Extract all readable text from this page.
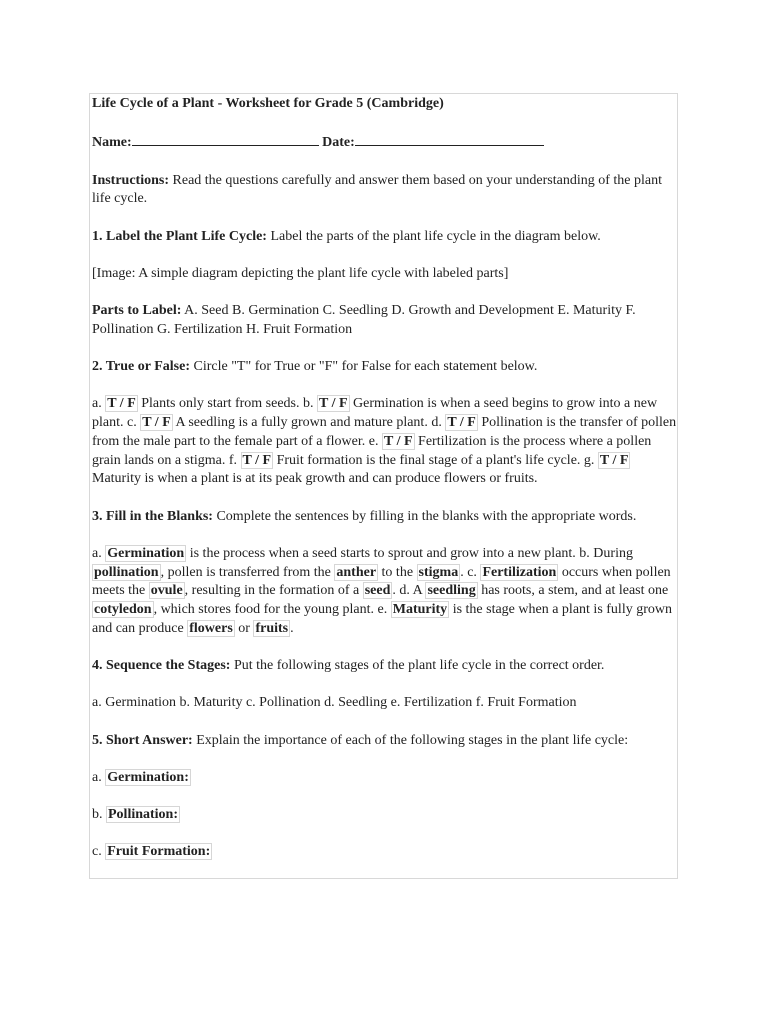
Life Cycle of a Plant - Worksheet for Grade 5 (Cambridge)

Name:	Date:

Instructions: Read the questions carefully and answer them based on your understanding of the plant life cycle.

1. Label the Plant Life Cycle: Label the parts of the plant life cycle in the diagram below.

[Image: A simple diagram depicting the plant life cycle with labeled parts]

Parts to Label: A. Seed B. Germination C. Seedling D. Growth and Development E. Maturity F. Pollination G. Fertilization H. Fruit Formation

2. True or False: Circle "T" for True or "F" for False for each statement below.

a. T / F Plants only start from seeds. b. T / F Germination is when a seed begins to grow into a new plant. c. T / F A seedling is a fully grown and mature plant. d. T / F Pollination is the transfer of pollen from the male part to the female part of a flower. e. T / F Fertilization is the process where a pollen grain lands on a stigma. f. T / F Fruit formation is the final stage of a plant's life cycle. g. T / F Maturity is when a plant is at its peak growth and can produce flowers or fruits.

3. Fill in the Blanks: Complete the sentences by filling in the blanks with the appropriate words.

a. Germination is the process when a seed starts to sprout and grow into a new plant. b. During pollination , pollen is transferred from the anther to the stigma . c. Fertilization occurs when pollen meets the ovule , resulting in the formation of a seed . d. A seedling has roots, a stem, and at least one cotyledon , which stores food for the young plant. e. Maturity is the stage when a plant is fully grown and can produce flowers or fruits .

4. Sequence the Stages: Put the following stages of the plant life cycle in the correct order.

a. Germination b. Maturity c. Pollination d. Seedling e. Fertilization f. Fruit Formation

5. Short Answer: Explain the importance of each of the following stages in the plant life cycle:

a. Germination:

b. Pollination:

c. Fruit Formation:
